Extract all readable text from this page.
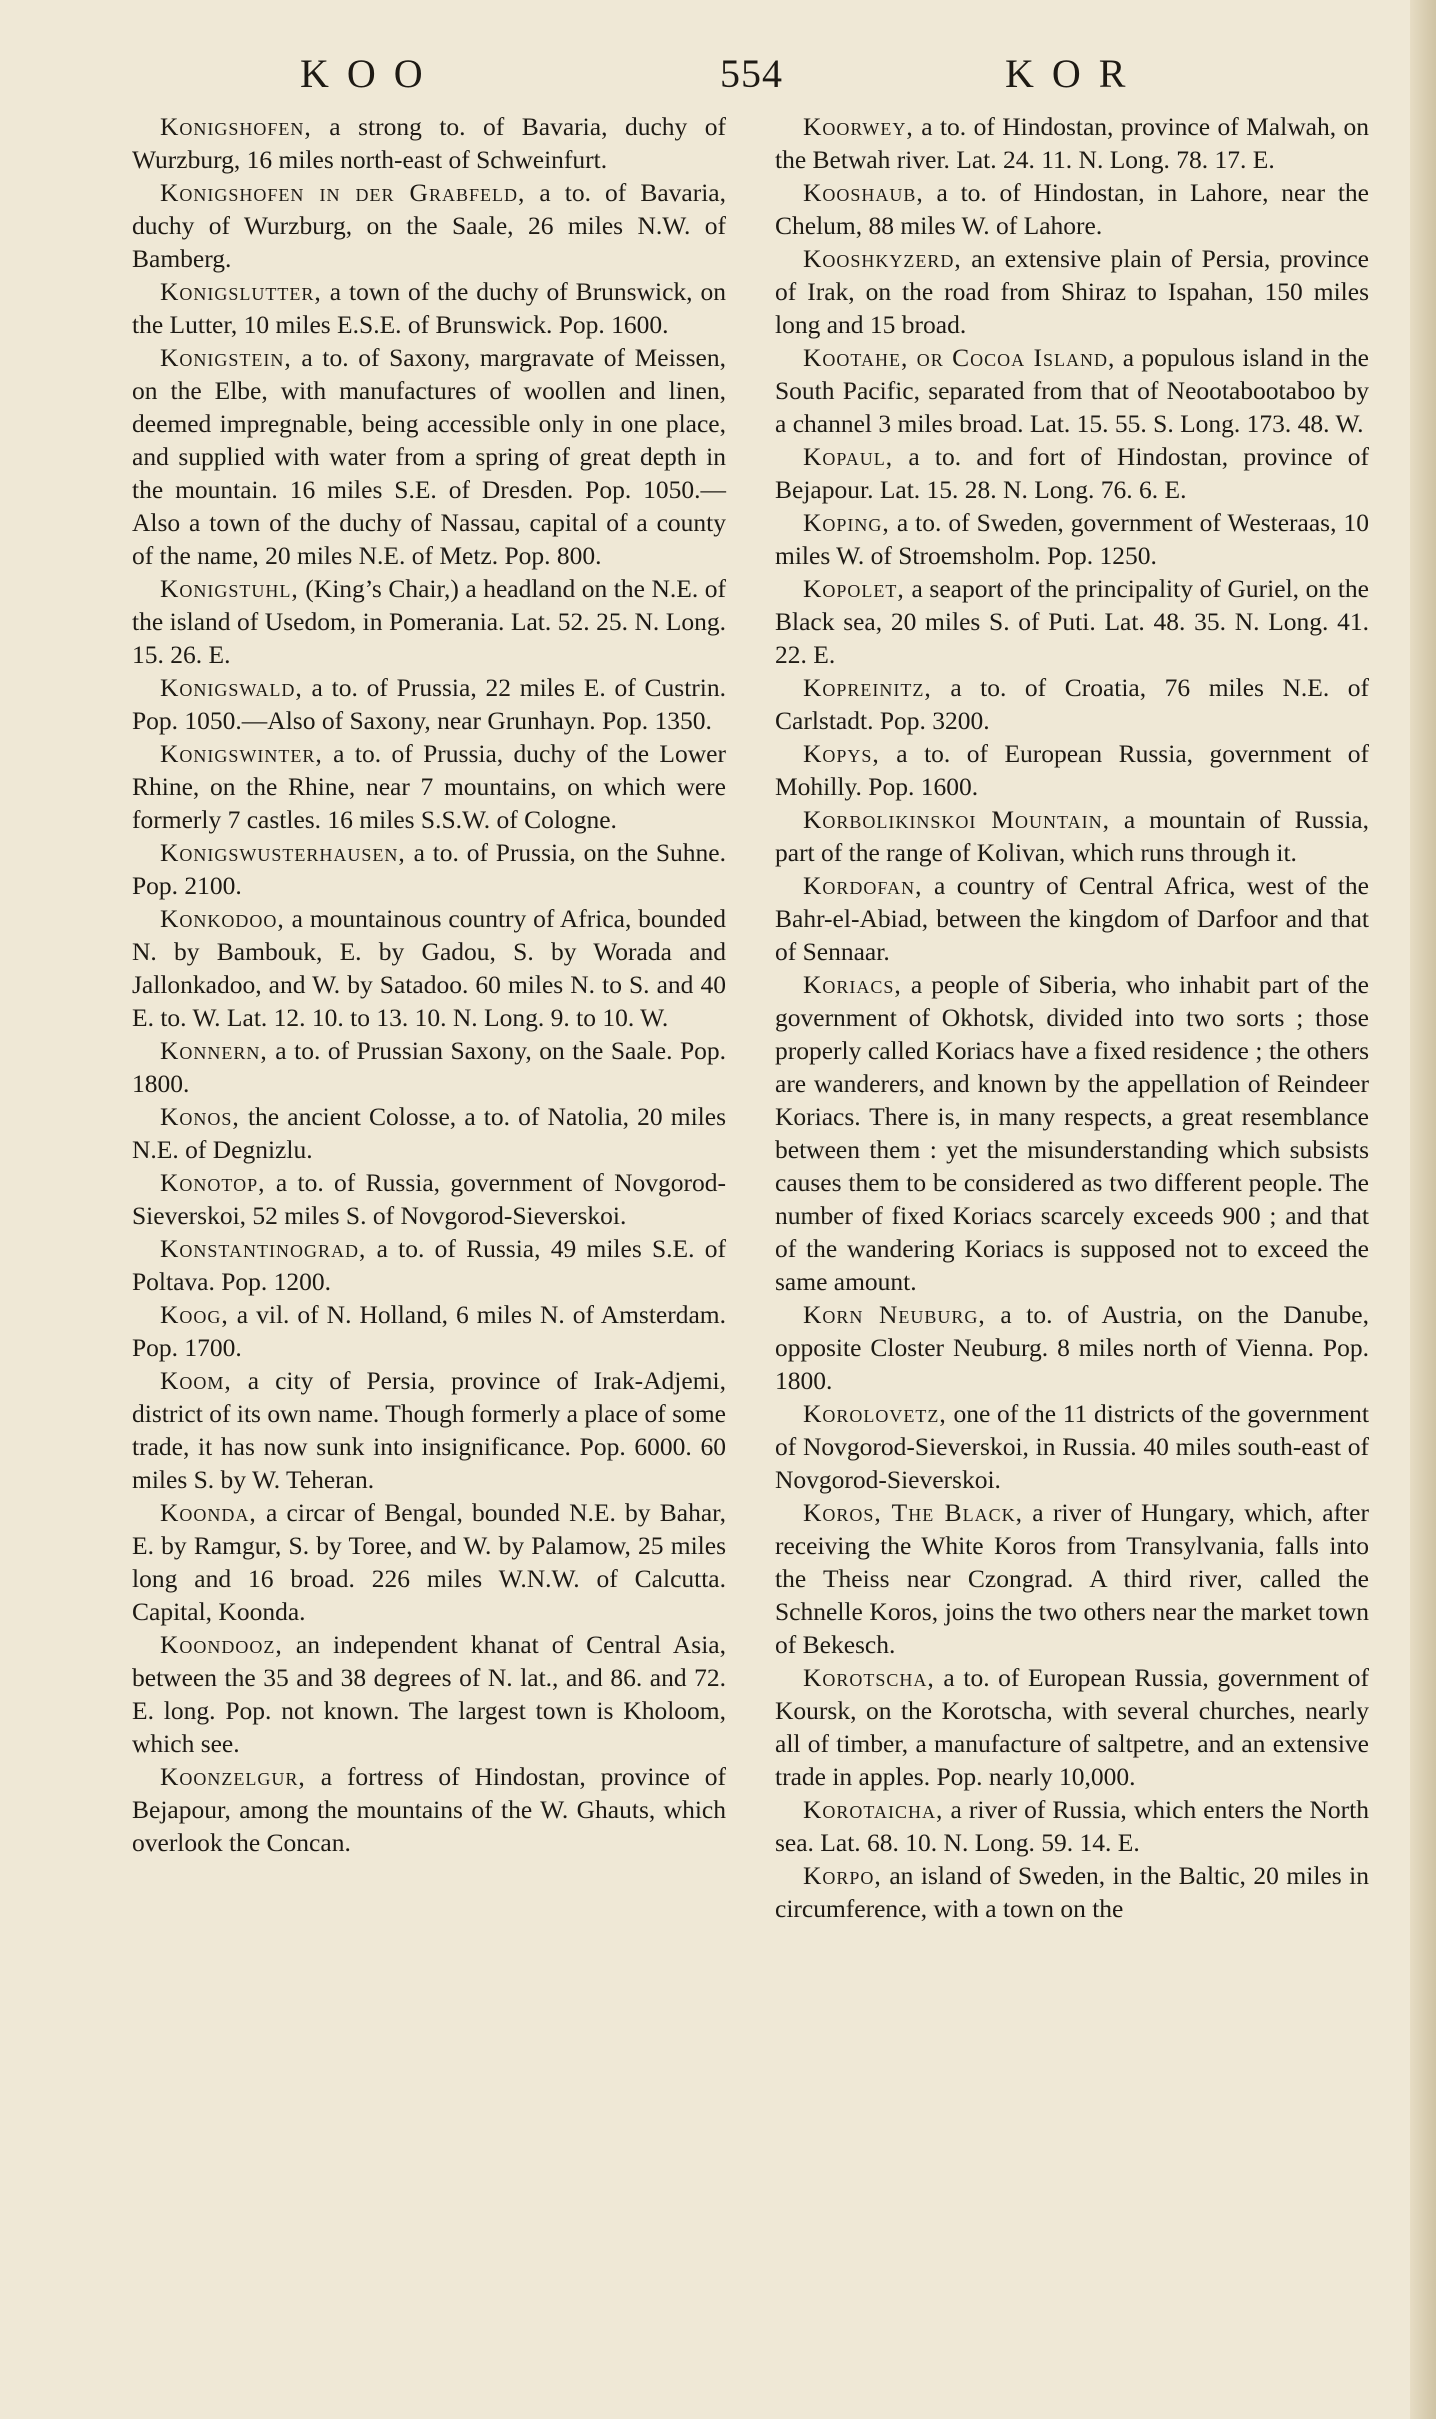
K O O	554	K O R

Konigshofen, a strong to. of Bavaria, duchy of Wurzburg, 16 miles north-east of Schweinfurt.

Konigshofen in der Grabfeld, a to. of Bavaria, duchy of Wurzburg, on the Saale, 26 miles N.W. of Bamberg.

Konigslutter, a town of the duchy of Brunswick, on the Lutter, 10 miles E.S.E. of Brunswick. Pop. 1600.

Konigstein, a to. of Saxony, margravate of Meissen, on the Elbe, with manufactures of woollen and linen, deemed impregnable, being accessible only in one place, and supplied with water from a spring of great depth in the mountain. 16 miles S.E. of Dresden. Pop. 1050.—Also a town of the duchy of Nassau, capital of a county of the name, 20 miles N.E. of Metz. Pop. 800.

Konigstuhl, (King’s Chair,) a headland on the N.E. of the island of Usedom, in Pomerania. Lat. 52. 25. N. Long. 15. 26. E.

Konigswald, a to. of Prussia, 22 miles E. of Custrin. Pop. 1050.—Also of Saxony, near Grunhayn. Pop. 1350.

Konigswinter, a to. of Prussia, duchy of the Lower Rhine, on the Rhine, near 7 mountains, on which were formerly 7 castles. 16 miles S.S.W. of Cologne.

Konigswusterhausen, a to. of Prussia, on the Suhne. Pop. 2100.

Konkodoo, a mountainous country of Africa, bounded N. by Bambouk, E. by Gadou, S. by Worada and Jallonkadoo, and W. by Satadoo. 60 miles N. to S. and 40 E. to. W. Lat. 12. 10. to 13. 10. N. Long. 9. to 10. W.

Konnern, a to. of Prussian Saxony, on the Saale. Pop. 1800.

Konos, the ancient Colosse, a to. of Natolia, 20 miles N.E. of Degnizlu.

Konotop, a to. of Russia, government of Novgorod-Sieverskoi, 52 miles S. of Novgorod-Sieverskoi.

Konstantinograd, a to. of Russia, 49 miles S.E. of Poltava. Pop. 1200.

Koog, a vil. of N. Holland, 6 miles N. of Amsterdam. Pop. 1700.

Koom, a city of Persia, province of Irak-Adjemi, district of its own name. Though formerly a place of some trade, it has now sunk into insignificance. Pop. 6000. 60 miles S. by W. Teheran.

Koonda, a circar of Bengal, bounded N.E. by Bahar, E. by Ramgur, S. by Toree, and W. by Palamow, 25 miles long and 16 broad. 226 miles W.N.W. of Calcutta. Capital, Koonda.

Koondooz, an independent khanat of Central Asia, between the 35 and 38 degrees of N. lat., and 86. and 72. E. long. Pop. not known. The largest town is Kholoom, which see.

Koonzelgur, a fortress of Hindostan, province of Bejapour, among the mountains of the W. Ghauts, which overlook the Concan.

Koorwey, a to. of Hindostan, province of Malwah, on the Betwah river. Lat. 24. 11. N. Long. 78. 17. E.

Kooshaub, a to. of Hindostan, in Lahore, near the Chelum, 88 miles W. of Lahore.

Kooshkyzerd, an extensive plain of Persia, province of Irak, on the road from Shiraz to Ispahan, 150 miles long and 15 broad.

Kootahe, or Cocoa Island, a populous island in the South Pacific, separated from that of Neootabootaboo by a channel 3 miles broad. Lat. 15. 55. S. Long. 173. 48. W.

Kopaul, a to. and fort of Hindostan, province of Bejapour. Lat. 15. 28. N. Long. 76. 6. E.

Koping, a to. of Sweden, government of Westeraas, 10 miles W. of Stroemsholm. Pop. 1250.

Kopolet, a seaport of the principality of Guriel, on the Black sea, 20 miles S. of Puti. Lat. 48. 35. N. Long. 41. 22. E.

Kopreinitz, a to. of Croatia, 76 miles N.E. of Carlstadt. Pop. 3200.

Kopys, a to. of European Russia, government of Mohilly. Pop. 1600.

Korbolikinskoi Mountain, a mountain of Russia, part of the range of Kolivan, which runs through it.

Kordofan, a country of Central Africa, west of the Bahr-el-Abiad, between the kingdom of Darfoor and that of Sennaar.

Koriacs, a people of Siberia, who inhabit part of the government of Okhotsk, divided into two sorts ; those properly called Koriacs have a fixed residence ; the others are wanderers, and known by the appellation of Reindeer Koriacs. There is, in many respects, a great resemblance between them : yet the misunderstanding which subsists causes them to be considered as two different people. The number of fixed Koriacs scarcely exceeds 900 ; and that of the wandering Koriacs is supposed not to exceed the same amount.

Korn Neuburg, a to. of Austria, on the Danube, opposite Closter Neuburg. 8 miles north of Vienna. Pop. 1800.

Korolovetz, one of the 11 districts of the government of Novgorod-Sieverskoi, in Russia. 40 miles south-east of Novgorod-Sieverskoi.

Koros, The Black, a river of Hungary, which, after receiving the White Koros from Transylvania, falls into the Theiss near Czongrad. A third river, called the Schnelle Koros, joins the two others near the market town of Bekesch.

Korotscha, a to. of European Russia, government of Koursk, on the Korotscha, with several churches, nearly all of timber, a manufacture of saltpetre, and an extensive trade in apples. Pop. nearly 10,000.

Korotaicha, a river of Russia, which enters the North sea. Lat. 68. 10. N. Long. 59. 14. E.

Korpo, an island of Sweden, in the Baltic, 20 miles in circumference, with a town on the
